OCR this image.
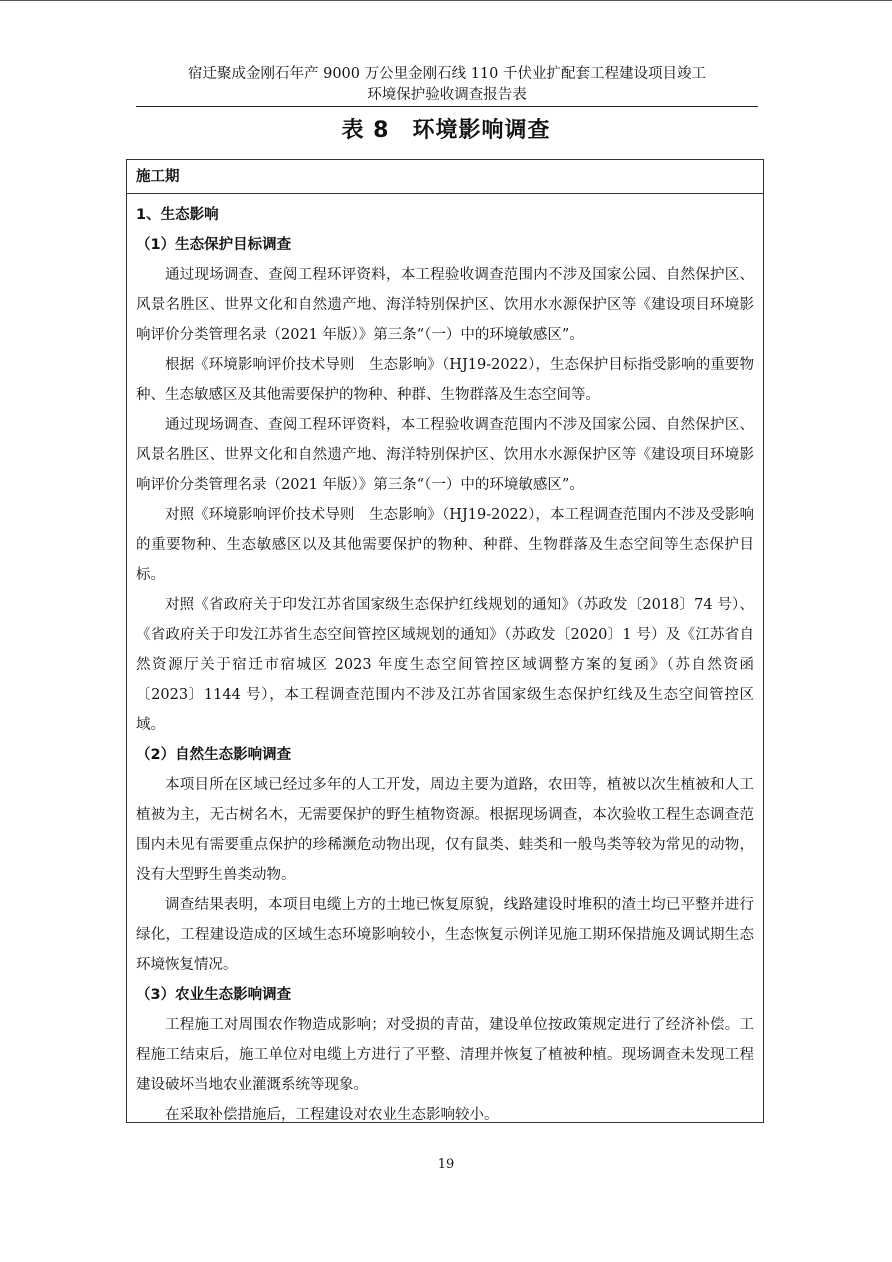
宿迁聚成金刚石年产 9000 万公里金刚石线 110 千伏业扩配套工程建设项目竣工
环境保护验收调查报告表
表 8　环境影响调查
施工期

1、生态影响

（1）生态保护目标调查

通过现场调查、查阅工程环评资料，本工程验收调查范围内不涉及国家公园、自然保护区、风景名胜区、世界文化和自然遗产地、海洋特别保护区、饮用水水源保护区等《建设项目环境影响评价分类管理名录（2021 年版）》第三条“（一）中的环境敏感区”。

根据《环境影响评价技术导则　生态影响》（HJ19-2022），生态保护目标指受影响的重要物种、生态敏感区及其他需要保护的物种、种群、生物群落及生态空间等。

通过现场调查、查阅工程环评资料，本工程验收调查范围内不涉及国家公园、自然保护区、风景名胜区、世界文化和自然遗产地、海洋特别保护区、饮用水水源保护区等《建设项目环境影响评价分类管理名录（2021 年版）》第三条“（一）中的环境敏感区”。

对照《环境影响评价技术导则　生态影响》（HJ19-2022），本工程调查范围内不涉及受影响的重要物种、生态敏感区以及其他需要保护的物种、种群、生物群落及生态空间等生态保护目标。

对照《省政府关于印发江苏省国家级生态保护红线规划的通知》（苏政发〔2018〕74 号）、《省政府关于印发江苏省生态空间管控区域规划的通知》（苏政发〔2020〕1 号）及《江苏省自然资源厅关于宿迁市宿城区 2023 年度生态空间管控区域调整方案的复函》（苏自然资函〔2023〕1144 号），本工程调查范围内不涉及江苏省国家级生态保护红线及生态空间管控区域。

（2）自然生态影响调查

本项目所在区域已经过多年的人工开发，周边主要为道路，农田等，植被以次生植被和人工植被为主，无古树名木，无需要保护的野生植物资源。根据现场调查，本次验收工程生态调查范围内未见有需要重点保护的珍稀濒危动物出现，仅有鼠类、蛙类和一般鸟类等较为常见的动物，没有大型野生兽类动物。

调查结果表明，本项目电缆上方的土地已恢复原貌，线路建设时堆积的渣土均已平整并进行绿化，工程建设造成的区域生态环境影响较小，生态恢复示例详见施工期环保措施及调试期生态环境恢复情况。

（3）农业生态影响调查

工程施工对周围农作物造成影响；对受损的青苗，建设单位按政策规定进行了经济补偿。工程施工结束后，施工单位对电缆上方进行了平整、清理并恢复了植被种植。现场调查未发现工程建设破坏当地农业灌溉系统等现象。

在采取补偿措施后，工程建设对农业生态影响较小。

19
